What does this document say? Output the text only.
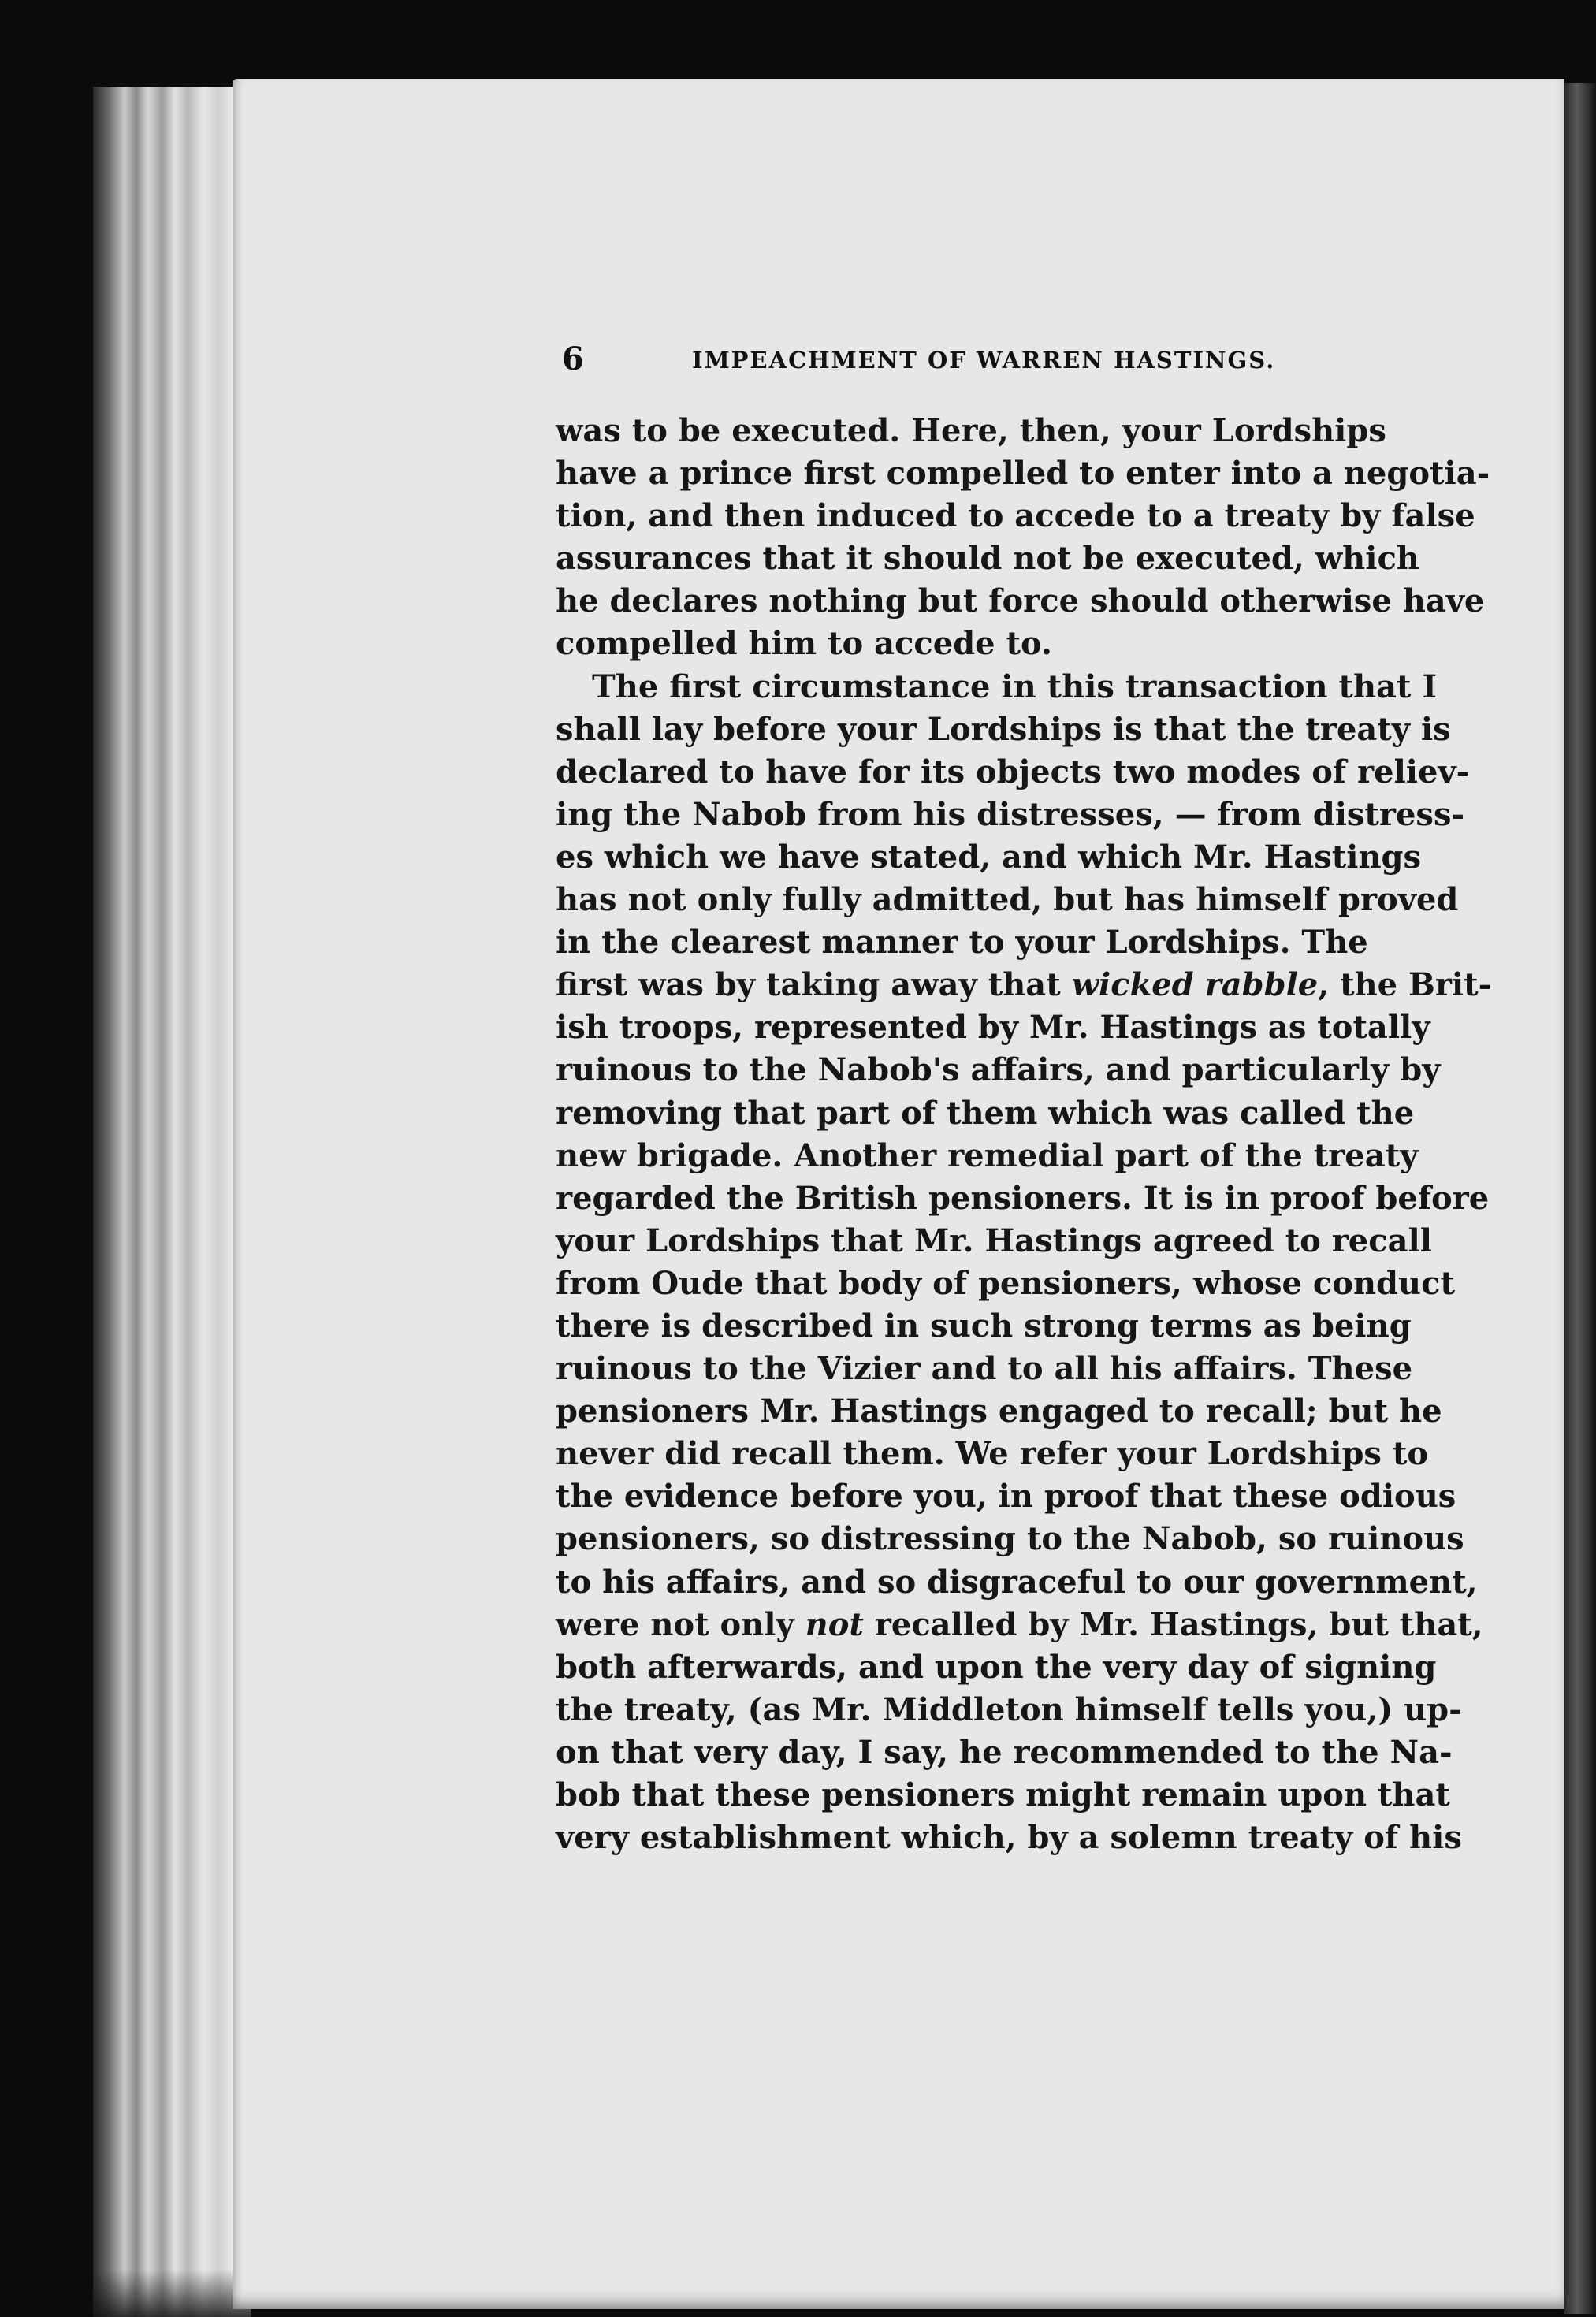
6	IMPEACHMENT OF WARREN HASTINGS.
was to be executed. Here, then, your Lordships
have a prince first compelled to enter into a negotia-
tion, and then induced to accede to a treaty by false
assurances that it should not be executed, which
he declares nothing but force should otherwise have
compelled him to accede to.
The first circumstance in this transaction that I
shall lay before your Lordships is that the treaty is
declared to have for its objects two modes of reliev-
ing the Nabob from his distresses, — from distress-
es which we have stated, and which Mr. Hastings
has not only fully admitted, but has himself proved
in the clearest manner to your Lordships. The
first was by taking away that wicked rabble, the Brit-
ish troops, represented by Mr. Hastings as totally
ruinous to the Nabob's affairs, and particularly by
removing that part of them which was called the
new brigade. Another remedial part of the treaty
regarded the British pensioners. It is in proof before
your Lordships that Mr. Hastings agreed to recall
from Oude that body of pensioners, whose conduct
there is described in such strong terms as being
ruinous to the Vizier and to all his affairs. These
pensioners Mr. Hastings engaged to recall; but he
never did recall them. We refer your Lordships to
the evidence before you, in proof that these odious
pensioners, so distressing to the Nabob, so ruinous
to his affairs, and so disgraceful to our government,
were not only not recalled by Mr. Hastings, but that,
both afterwards, and upon the very day of signing
the treaty, (as Mr. Middleton himself tells you,) up-
on that very day, I say, he recommended to the Na-
bob that these pensioners might remain upon that
very establishment which, by a solemn treaty of his
